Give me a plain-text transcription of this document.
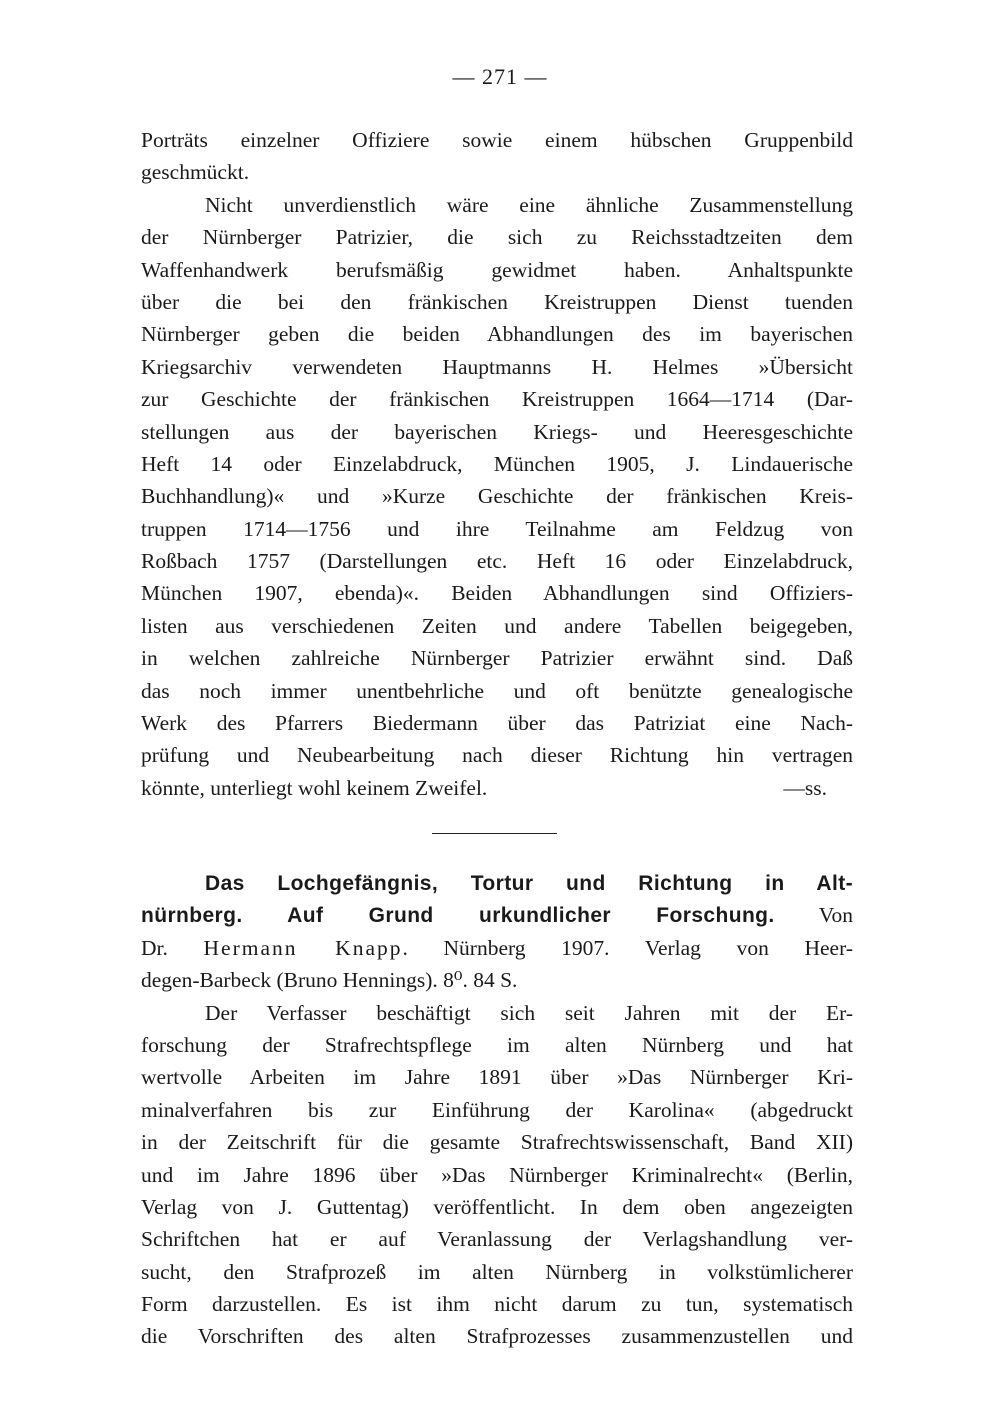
— 271 —
Porträts einzelner Offiziere sowie einem hübschen Gruppenbild
geschmückt.
Nicht unverdienstlich wäre eine ähnliche Zusammenstellung
der Nürnberger Patrizier, die sich zu Reichsstadtzeiten dem
Waffenhandwerk berufsmäßig gewidmet haben. Anhaltspunkte
über die bei den fränkischen Kreistruppen Dienst tuenden
Nürnberger geben die beiden Abhandlungen des im bayerischen
Kriegsarchiv verwendeten Hauptmanns H. Helmes »Übersicht
zur Geschichte der fränkischen Kreistruppen 1664—1714 (Dar-
stellungen aus der bayerischen Kriegs- und Heeresgeschichte
Heft 14 oder Einzelabdruck, München 1905, J. Lindauerische
Buchhandlung)« und »Kurze Geschichte der fränkischen Kreis-
truppen 1714—1756 und ihre Teilnahme am Feldzug von
Roßbach 1757 (Darstellungen etc. Heft 16 oder Einzelabdruck,
München 1907, ebenda)«. Beiden Abhandlungen sind Offiziers-
listen aus verschiedenen Zeiten und andere Tabellen beigegeben,
in welchen zahlreiche Nürnberger Patrizier erwähnt sind. Daß
das noch immer unentbehrliche und oft benützte genealogische
Werk des Pfarrers Biedermann über das Patriziat eine Nach-
prüfung und Neubearbeitung nach dieser Richtung hin vertragen
könnte, unterliegt wohl keinem Zweifel.	—ss.
Das Lochgefängnis, Tortur und Richtung in Alt-
nürnberg. Auf Grund urkundlicher Forschung. Von
Dr. Hermann Knapp. Nürnberg 1907. Verlag von Heer-
degen-Barbeck (Bruno Hennings). 8⁰. 84 S.
Der Verfasser beschäftigt sich seit Jahren mit der Er-
forschung der Strafrechtspflege im alten Nürnberg und hat
wertvolle Arbeiten im Jahre 1891 über »Das Nürnberger Kri-
minalverfahren bis zur Einführung der Karolina« (abgedruckt
in der Zeitschrift für die gesamte Strafrechtswissenschaft, Band XII)
und im Jahre 1896 über »Das Nürnberger Kriminalrecht« (Berlin,
Verlag von J. Guttentag) veröffentlicht. In dem oben angezeigten
Schriftchen hat er auf Veranlassung der Verlagshandlung ver-
sucht, den Strafprozeß im alten Nürnberg in volkstümlicherer
Form darzustellen. Es ist ihm nicht darum zu tun, systematisch
die Vorschriften des alten Strafprozesses zusammenzustellen und
